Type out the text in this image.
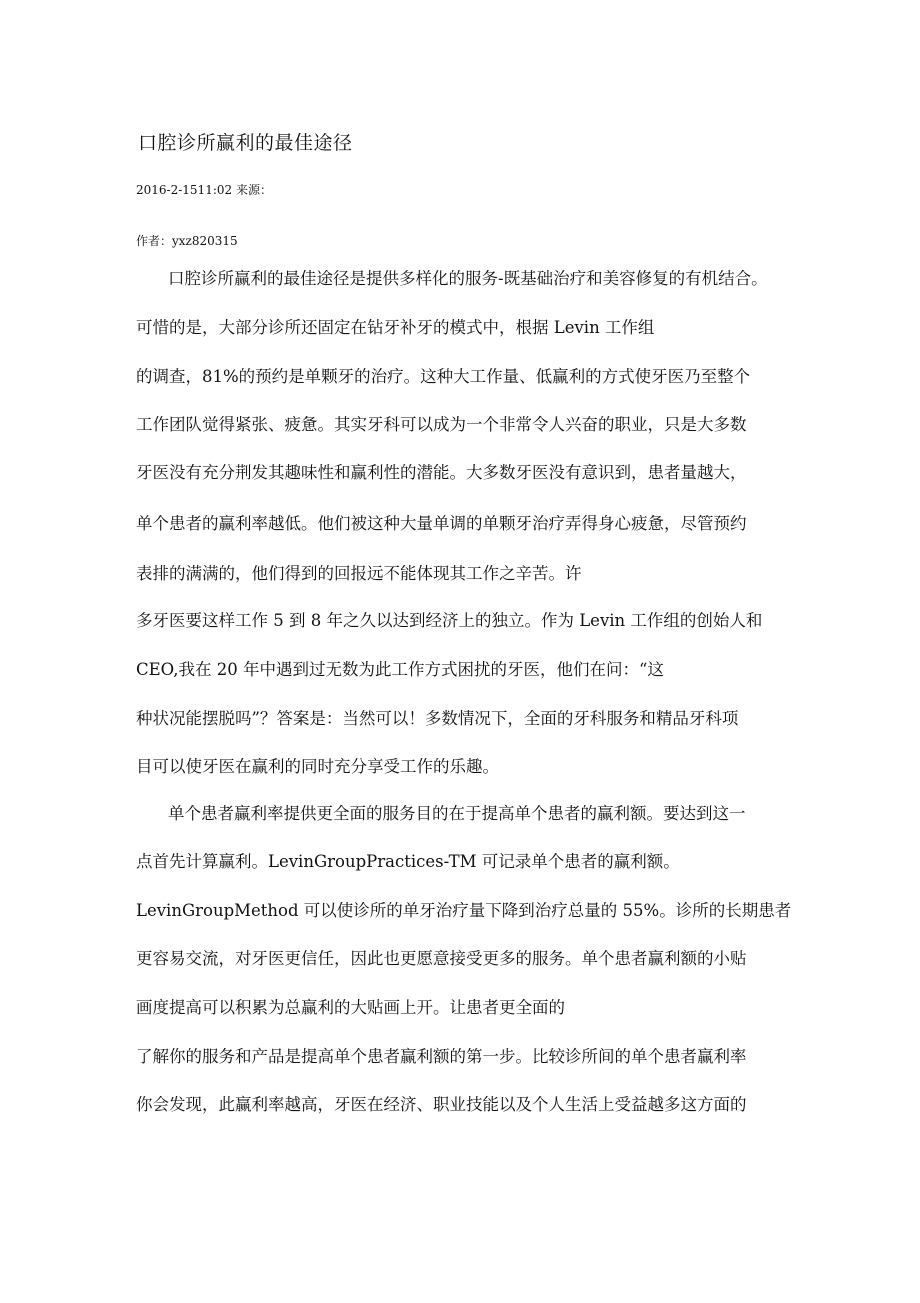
口腔诊所赢利的最佳途径
2016-2-1511:02 来源：
作者：yxz820315
口腔诊所赢利的最佳途径是提供多样化的服务-既基础治疗和美容修复的有机结合。
可惜的是，大部分诊所还固定在钻牙补牙的模式中，根据 Levin 工作组
的调查，81%的预约是单颗牙的治疗。这种大工作量、低赢利的方式使牙医乃至整个
工作团队觉得紧张、疲惫。其实牙科可以成为一个非常令人兴奋的职业，只是大多数
牙医没有充分荆发其趣味性和赢利性的潜能。大多数牙医没有意识到，患者量越大，
单个患者的赢利率越低。他们被这种大量单调的单颗牙治疗弄得身心疲惫，尽管预约
表排的满满的，他们得到的回报远不能体现其工作之辛苦。许
多牙医要这样工作 5 到 8 年之久以达到经济上的独立。作为 Levin 工作组的创始人和
CEO,我在 20 年中遇到过无数为此工作方式困扰的牙医，他们在问：“这
种状况能摆脱吗”？答案是：当然可以！多数情况下，全面的牙科服务和精品牙科项
目可以使牙医在赢利的同时充分享受工作的乐趣。
单个患者赢利率提供更全面的服务目的在于提高单个患者的赢利额。要达到这一
点首先计算赢利。LevinGroupPractices-TM 可记录单个患者的赢利额。
LevinGroupMethod 可以使诊所的单牙治疗量下降到治疗总量的 55%。诊所的长期患者
更容易交流，对牙医更信任，因此也更愿意接受更多的服务。单个患者赢利额的小贴
画度提高可以积累为总赢利的大贴画上开。让患者更全面的
了解你的服务和产品是提高单个患者赢利额的第一步。比较诊所间的单个患者赢利率
你会发现，此赢利率越高，牙医在经济、职业技能以及个人生活上受益越多这方面的
